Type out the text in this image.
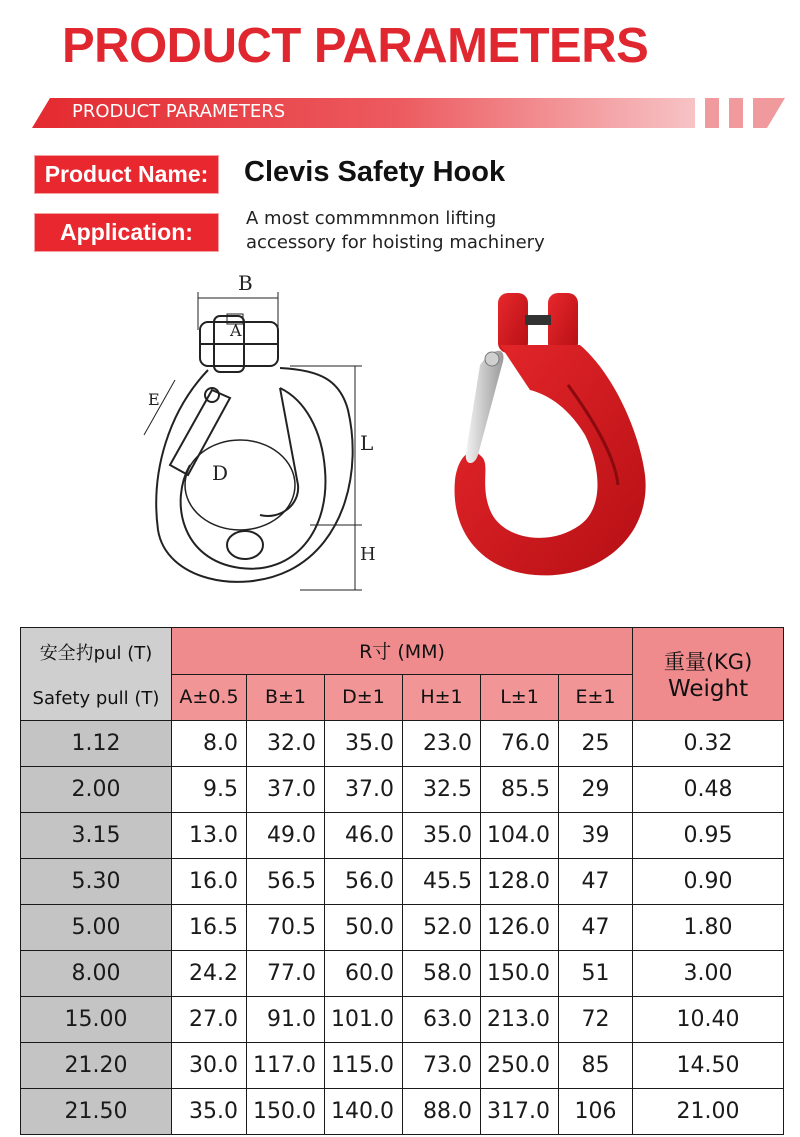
PRODUCT PARAMETERS
PRODUCT PARAMETERS
Product Name:	Clevis Safety Hook
Application:
A most commmnmon lifting
accessory for hoisting machinery
B
A
E
D
L
H
安全扚pul (T)
Safety pull (T)	R寸 (MM)						重量(KG)
Weight

	A±0.5	B±1	D±1	H±1	L±1	E±1	
1.12	8.0	32.0	35.0	23.0	76.0	25	0.32
2.00	9.5	37.0	37.0	32.5	85.5	29	0.48
3.15	13.0	49.0	46.0	35.0	104.0	39	0.95
5.30	16.0	56.5	56.0	45.5	128.0	47	0.90
5.00	16.5	70.5	50.0	52.0	126.0	47	1.80
8.00	24.2	77.0	60.0	58.0	150.0	51	3.00
15.00	27.0	91.0	101.0	63.0	213.0	72	10.40
21.20	30.0	117.0	115.0	73.0	250.0	85	14.50
21.50	35.0	150.0	140.0	88.0	317.0	106	21.00
